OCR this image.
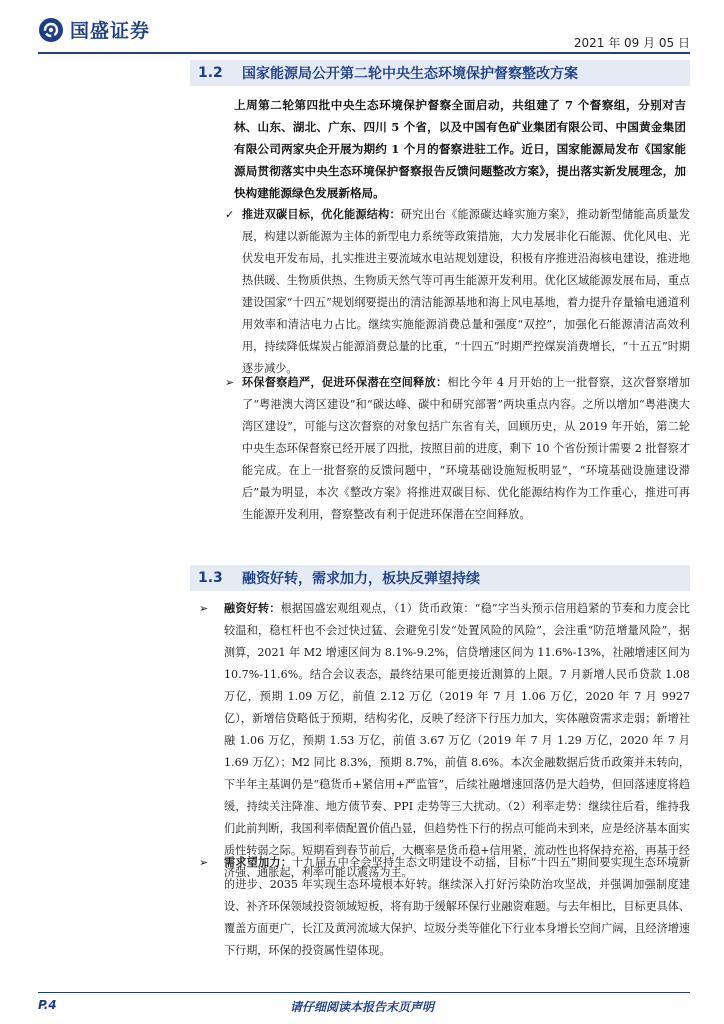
国盛证券
2021 年 09 月 05 日
1.2	国家能源局公开第二轮中央生态环境保护督察整改方案
上周第二轮第四批中央生态环境保护督察全面启动，共组建了 7 个督察组，分别对吉林、山东、湖北、广东、四川 5 个省，以及中国有色矿业集团有限公司、中国黄金集团有限公司两家央企开展为期约 1 个月的督察进驻工作。近日，国家能源局发布《国家能源局贯彻落实中央生态环境保护督察报告反馈问题整改方案》，提出落实新发展理念，加快构建能源绿色发展新格局。
✓ 推进双碳目标，优化能源结构：研究出台《能源碳达峰实施方案》，推动新型储能高质量发展，构建以新能源为主体的新型电力系统等政策措施，大力发展非化石能源、优化风电、光伏发电开发布局，扎实推进主要流域水电站规划建设，积极有序推进沿海核电建设，推进地热供暖、生物质供热、生物质天然气等可再生能源开发利用。优化区域能源发展布局，重点建设国家“十四五”规划纲要提出的清洁能源基地和海上风电基地，着力提升存量输电通道利用效率和清洁电力占比。继续实施能源消费总量和强度“双控”，加强化石能源清洁高效利用，持续降低煤炭占能源消费总量的比重，“十四五”时期严控煤炭消费增长，“十五五”时期逐步减少。
➢ 环保督察趋严，促进环保潜在空间释放：相比今年 4 月开始的上一批督察，这次督察增加了“粤港澳大湾区建设”和“碳达峰、碳中和研究部署”两块重点内容。之所以增加“粤港澳大湾区建设”，可能与这次督察的对象包括广东省有关，回顾历史，从 2019 年开始，第二轮中央生态环保督察已经开展了四批，按照目前的进度，剩下 10 个省份预计需要 2 批督察才能完成。在上一批督察的反馈问题中，“环境基础设施短板明显”，“环境基础设施建设滞后”最为明显，本次《整改方案》将推进双碳目标、优化能源结构作为工作重心，推进可再生能源开发利用，督察整改有利于促进环保潜在空间释放。
1.3	融资好转，需求加力，板块反弹望持续
➢ 融资好转：根据国盛宏观组观点，（1）货币政策：“稳”字当头预示信用趋紧的节奏和力度会比较温和，稳杠杆也不会过快过猛、会避免引发“处置风险的风险”，会注重“防范增量风险”，据测算，2021 年 M2 增速区间为 8.1%-9.2%，信贷增速区间为 11.6%-13%，社融增速区间为 10.7%-11.6%。结合会议表态，最终结果可能更接近测算的上限。7 月新增人民币贷款 1.08 万亿，预期 1.09 万亿，前值 2.12 万亿（2019 年 7 月 1.06 万亿，2020 年 7 月 9927 亿），新增信贷略低于预期，结构劣化，反映了经济下行压力加大，实体融资需求走弱；新增社融 1.06 万亿，预期 1.53 万亿，前值 3.67 万亿（2019 年 7 月 1.29 万亿，2020 年 7 月 1.69 万亿）；M2 同比 8.3%，预期 8.7%，前值 8.6%。本次金融数据后货币政策并未转向，下半年主基调仍是“稳货币+紧信用+严监管”，后续社融增速回落仍是大趋势，但回落速度将趋缓，持续关注降准、地方债节奏、PPI 走势等三大扰动。（2）利率走势：继续往后看，维持我们此前判断，我国利率债配置价值凸显，但趋势性下行的拐点可能尚未到来，应是经济基本面实质性转弱之际。短期看到春节前后，大概率是货币稳+信用紧，流动性也将保持充裕，再基于经济强、通胀起，利率可能以震荡为主。
➢ 需求望加力：十九届五中全会坚持生态文明建设不动摇，目标“十四五”期间要实现生态环境新的进步、2035 年实现生态环境根本好转。继续深入打好污染防治攻坚战，并强调加强制度建设、补齐环保领域投资领域短板，将有助于缓解环保行业融资难题。与去年相比，目标更具体、覆盖方面更广，长江及黄河流域大保护、垃圾分类等催化下行业本身增长空间广阔，且经济增速下行期，环保的投资属性望体现。
P.4	请仔细阅读本报告末页声明
